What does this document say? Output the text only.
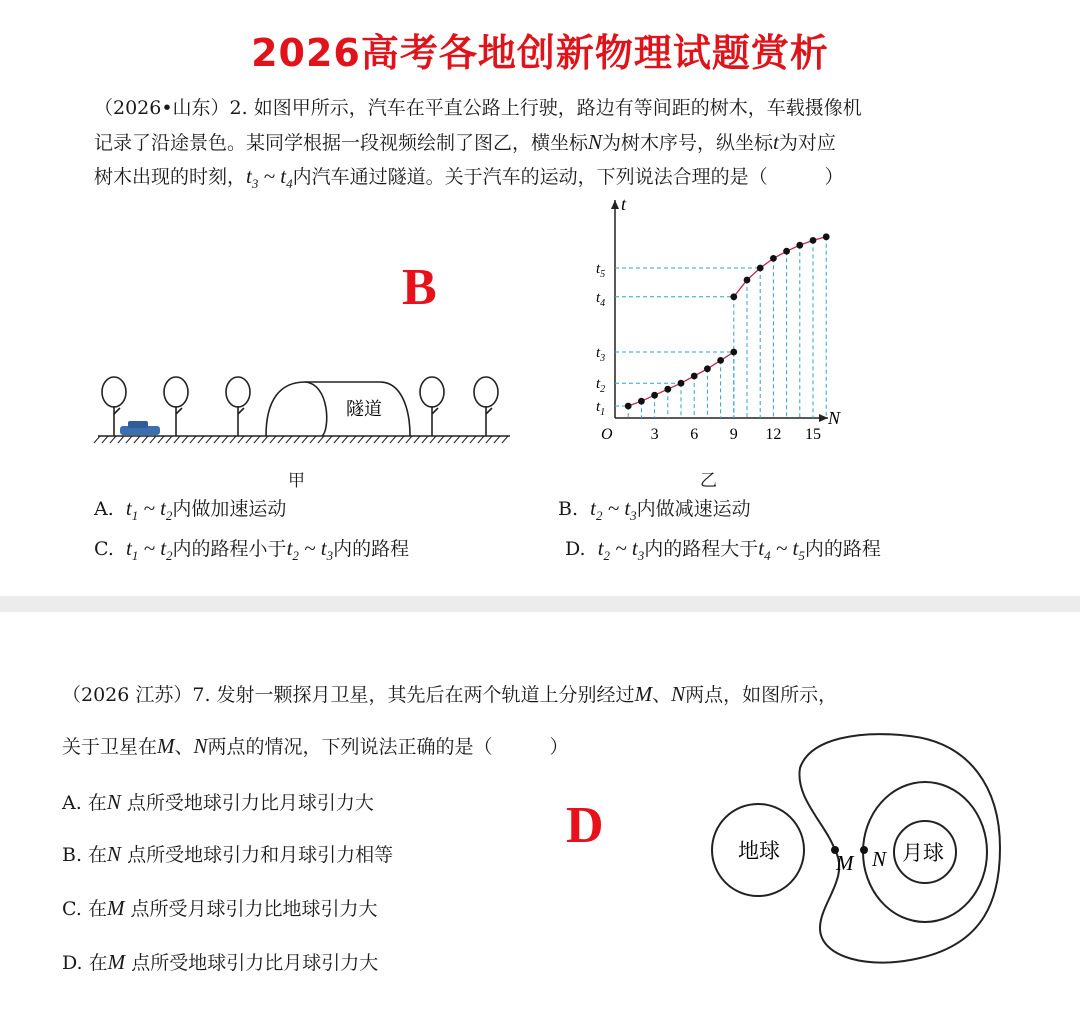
2026高考各地创新物理试题赏析
（2026•山东）2. 如图甲所示，汽车在平直公路上行驶，路边有等间距的树木，车载摄像机
记录了沿途景色。某同学根据一段视频绘制了图乙，横坐标N为树木序号，纵坐标t为对应
树木出现的时刻，$t_3$ ~ $t_4$内汽车通过隧道。关于汽车的运动，下列说法合理的是（　　　）
B
隧道
甲
$t_1$
$t_2$
$t_3$
$t_4$
$t_5$
3 6 9 12 15
O
N
t
乙
A. $t_1$ ~ $t_2$内做加速运动	B. $t_2$ ~ $t_3$内做减速运动
C. $t_1$ ~ $t_2$内的路程小于$t_2$ ~ $t_3$内的路程	D. $t_2$ ~ $t_3$内的路程大于$t_4$ ~ $t_5$内的路程
（2026 江苏）7. 发射一颗探月卫星，其先后在两个轨道上分别经过M、N两点，如图所示，
关于卫星在M、N两点的情况，下列说法正确的是（　　　）
A. 在N 点所受地球引力比月球引力大
B. 在N 点所受地球引力和月球引力相等
C. 在M 点所受月球引力比地球引力大
D. 在M 点所受地球引力比月球引力大
D	地球	月球
M N
